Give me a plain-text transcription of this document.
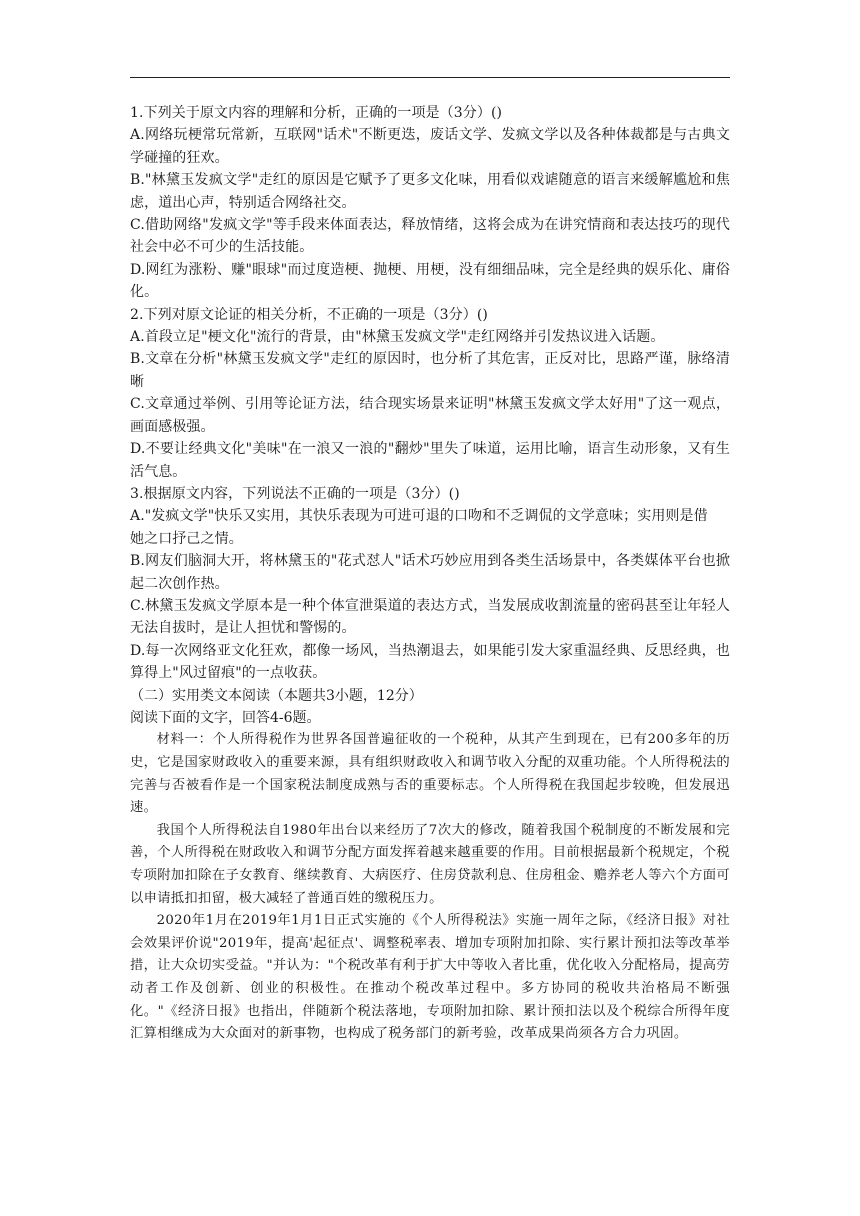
1.下列关于原文内容的理解和分析，正确的一项是（3分）()

A.网络玩梗常玩常新，互联网"话术"不断更迭，废话文学、发疯文学以及各种体裁都是与古典文学碰撞的狂欢。

B."林黛玉发疯文学"走红的原因是它赋予了更多文化味，用看似戏谑随意的语言来缓解尴尬和焦虑，道出心声，特别适合网络社交。

C.借助网络"发疯文学"等手段来体面表达，释放情绪，这将会成为在讲究情商和表达技巧的现代社会中必不可少的生活技能。

D.网红为涨粉、赚"眼球"而过度造梗、抛梗、用梗，没有细细品味，完全是经典的娱乐化、庸俗化。

2.下列对原文论证的相关分析，不正确的一项是（3分）()

A.首段立足"梗文化"流行的背景，由"林黛玉发疯文学"走红网络并引发热议进入话题。

B.文章在分析"林黛玉发疯文学"走红的原因时，也分析了其危害，正反对比，思路严谨，脉络清晰

C.文章通过举例、引用等论证方法，结合现实场景来证明"林黛玉发疯文学太好用"了这一观点，画面感极强。

D.不要让经典文化"美味"在一浪又一浪的"翻炒"里失了味道，运用比喻，语言生动形象，又有生活气息。

3.根据原文内容，下列说法不正确的一项是（3分）()

A."发疯文学"快乐又实用，其快乐表现为可进可退的口吻和不乏调侃的文学意味；实用则是借

她之口抒己之情。

B.网友们脑洞大开，将林黛玉的"花式怼人"话术巧妙应用到各类生活场景中，各类媒体平台也掀起二次创作热。

C.林黛玉发疯文学原本是一种个体宣泄渠道的表达方式，当发展成收割流量的密码甚至让年轻人无法自拔时，是让人担忧和警惕的。

D.每一次网络亚文化狂欢，都像一场风，当热潮退去，如果能引发大家重温经典、反思经典，也算得上"风过留痕"的一点收获。

（二）实用类文本阅读（本题共3小题，12分）

阅读下面的文字，回答4-6题。

材料一：个人所得税作为世界各国普遍征收的一个税种，从其产生到现在，已有200多年的历史，它是国家财政收入的重要来源，具有组织财政收入和调节收入分配的双重功能。个人所得税法的完善与否被看作是一个国家税法制度成熟与否的重要标志。个人所得税在我国起步较晚，但发展迅速。

我国个人所得税法自1980年出台以来经历了7次大的修改，随着我国个税制度的不断发展和完善，个人所得税在财政收入和调节分配方面发挥着越来越重要的作用。目前根据最新个税规定，个税专项附加扣除在子女教育、继续教育、大病医疗、住房贷款利息、住房租金、赡养老人等六个方面可以申请抵扣扣留，极大减轻了普通百姓的缴税压力。

2020年1月在2019年1月1日正式实施的《个人所得税法》实施一周年之际，《经济日报》对社会效果评价说"2019年，提高'起征点'、调整税率表、增加专项附加扣除、实行累计预扣法等改革举措，让大众切实受益。"并认为："个税改革有利于扩大中等收入者比重，优化收入分配格局，提高劳动者工作及创新、创业的积极性。在推动个税改革过程中。多方协同的税收共治格局不断强化。"《经济日报》也指出，伴随新个税法落地，专项附加扣除、累计预扣法以及个税综合所得年度汇算相继成为大众面对的新事物，也构成了税务部门的新考验，改革成果尚须各方合力巩固。
